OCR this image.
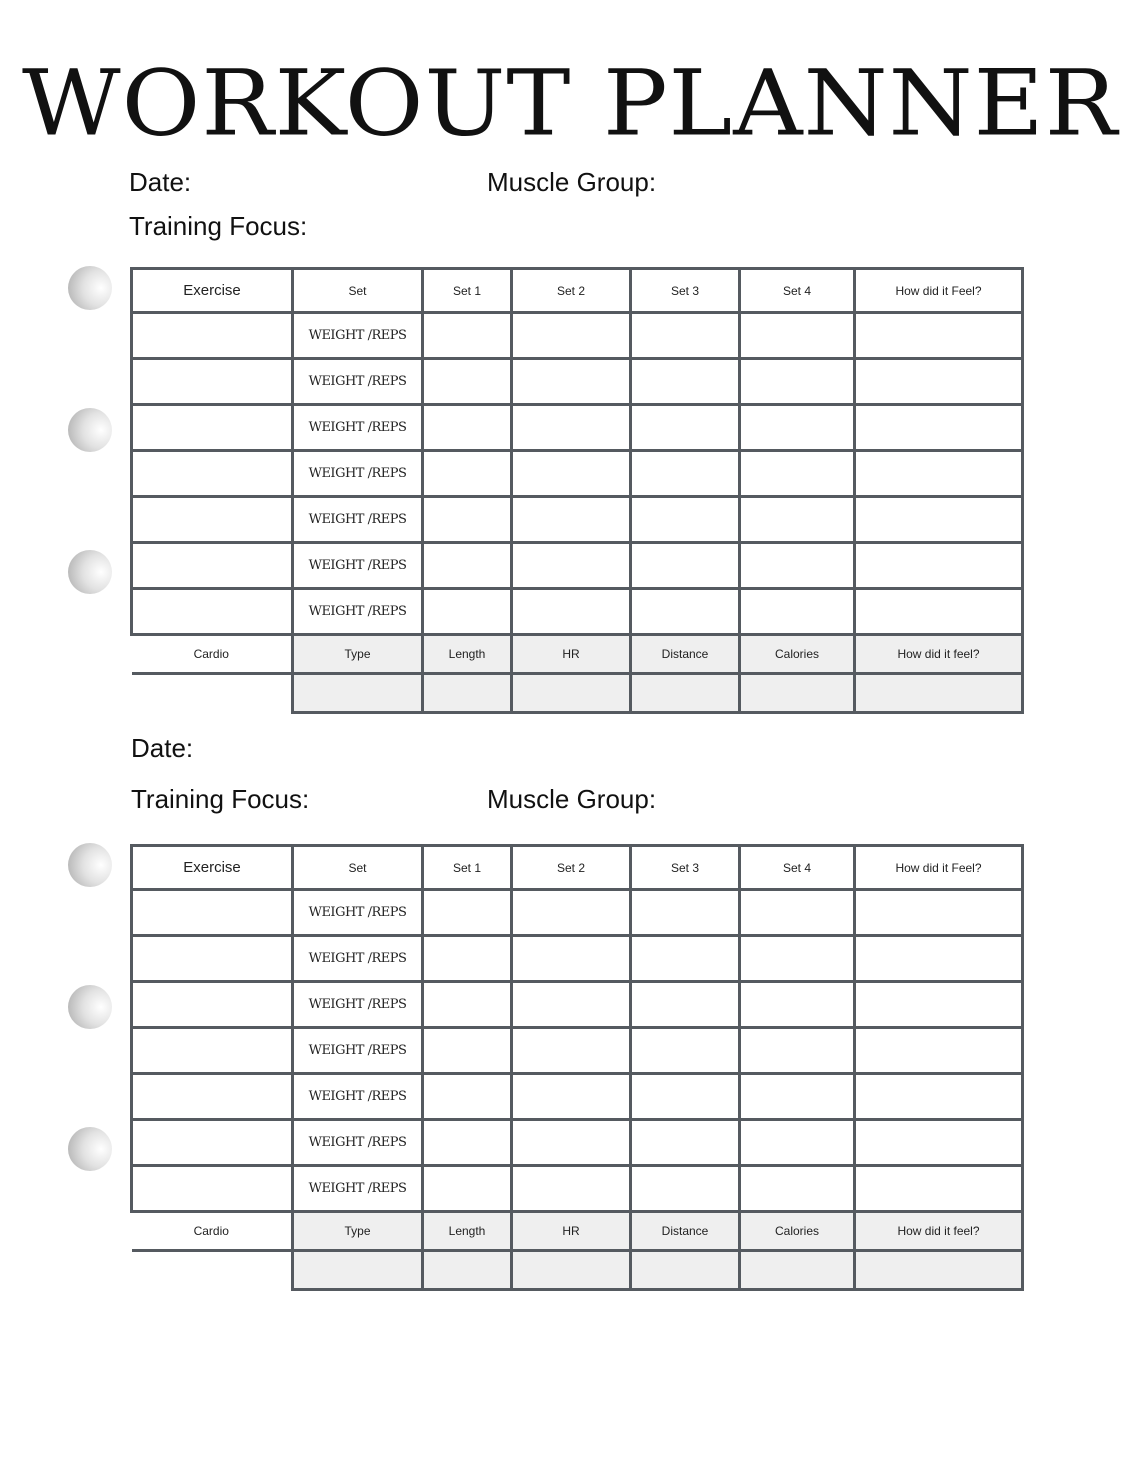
WORKOUT PLANNER
Date:	Muscle Group:
Training Focus:
Exercise	Set	Set 1	Set 2	Set 3	Set 4	How did it Feel?
	WEIGHT /REPS					
	WEIGHT /REPS					
	WEIGHT /REPS					
	WEIGHT /REPS					
	WEIGHT /REPS					
	WEIGHT /REPS					
	WEIGHT /REPS					
Cardio	Type	Length	HR	Distance	Calories	How did it feel?

Date:
Training Focus:	Muscle Group:
Exercise	Set	Set 1	Set 2	Set 3	Set 4	How did it Feel?
	WEIGHT /REPS					
	WEIGHT /REPS					
	WEIGHT /REPS					
	WEIGHT /REPS					
	WEIGHT /REPS					
	WEIGHT /REPS					
	WEIGHT /REPS					
Cardio	Type	Length	HR	Distance	Calories	How did it feel?
